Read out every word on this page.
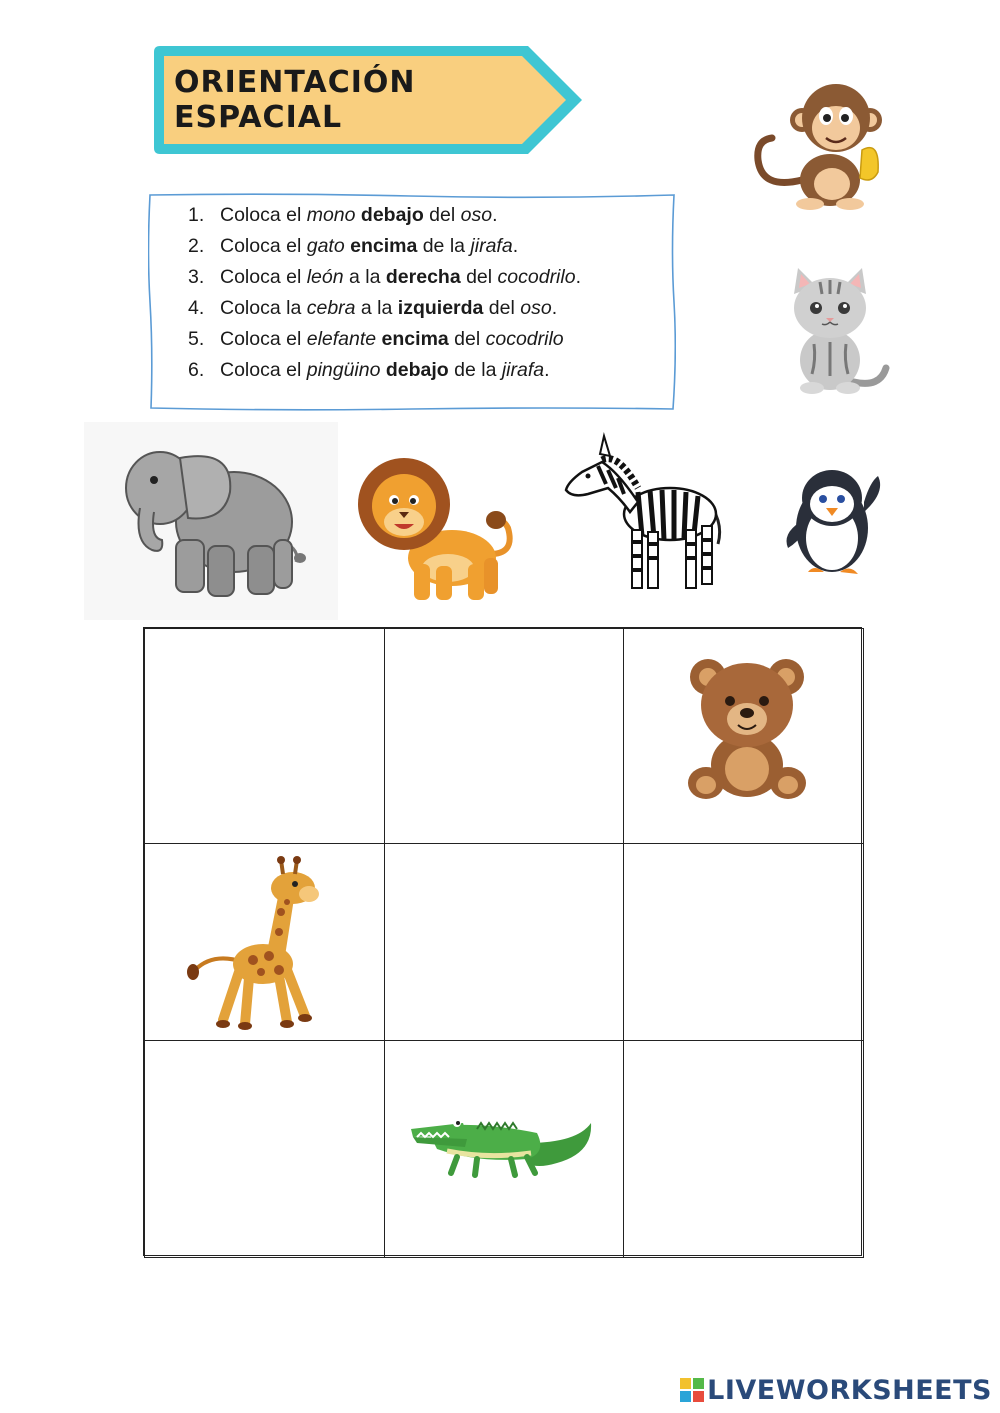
ORIENTACIÓN ESPACIAL
1. Coloca el mono debajo del oso.
2. Coloca el gato encima de la jirafa.
3. Coloca el león a la derecha del cocodrilo.
4. Coloca la cebra a la izquierda del oso.
5. Coloca el elefante encima del cocodrilo
6. Coloca el pingüino debajo de la jirafa.
LIVEWORKSHEETS
